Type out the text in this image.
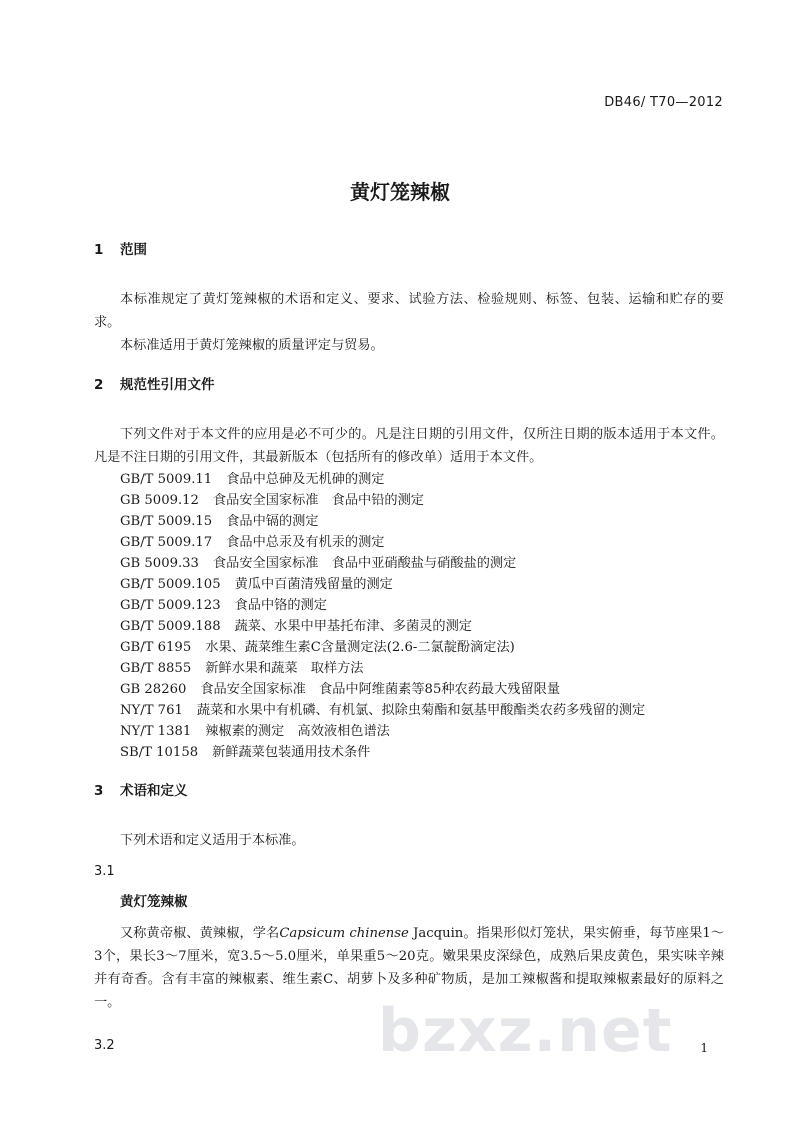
DB46/ T70—2012
黄灯笼辣椒
1 范围

本标准规定了黄灯笼辣椒的术语和定义、要求、试验方法、检验规则、标签、包装、运输和贮存的要求。

本标准适用于黄灯笼辣椒的质量评定与贸易。

2 规范性引用文件

下列文件对于本文件的应用是必不可少的。凡是注日期的引用文件，仅所注日期的版本适用于本文件。凡是不注日期的引用文件，其最新版本（包括所有的修改单）适用于本文件。

GB/T 5009.11 食品中总砷及无机砷的测定
GB 5009.12 食品安全国家标准　食品中铅的测定
GB/T 5009.15 食品中镉的测定
GB/T 5009.17 食品中总汞及有机汞的测定
GB 5009.33 食品安全国家标准　食品中亚硝酸盐与硝酸盐的测定
GB/T 5009.105 黄瓜中百菌清残留量的测定
GB/T 5009.123 食品中铬的测定
GB/T 5009.188 蔬菜、水果中甲基托布津、多菌灵的测定
GB/T 6195 水果、蔬菜维生素C含量测定法(2.6-二氯靛酚滴定法)
GB/T 8855 新鲜水果和蔬菜　取样方法
GB 28260 食品安全国家标准　食品中阿维菌素等85种农药最大残留限量
NY/T 761 蔬菜和水果中有机磷、有机氯、拟除虫菊酯和氨基甲酸酯类农药多残留的测定
NY/T 1381 辣椒素的测定　高效液相色谱法
SB/T 10158 新鲜蔬菜包装通用技术条件
3 术语和定义

下列术语和定义适用于本标准。

3.1
黄灯笼辣椒

又称黄帝椒、黄辣椒，学名Capsicum chinense Jacquin。指果形似灯笼状，果实俯垂，每节座果1～3个，果长3～7厘米，宽3.5～5.0厘米，单果重5～20克。嫩果果皮深绿色，成熟后果皮黄色，果实味辛辣并有奇香。含有丰富的辣椒素、维生素C、胡萝卜及多种矿物质，是加工辣椒酱和提取辣椒素最好的原料之一。

3.2	bzxz.net 1
